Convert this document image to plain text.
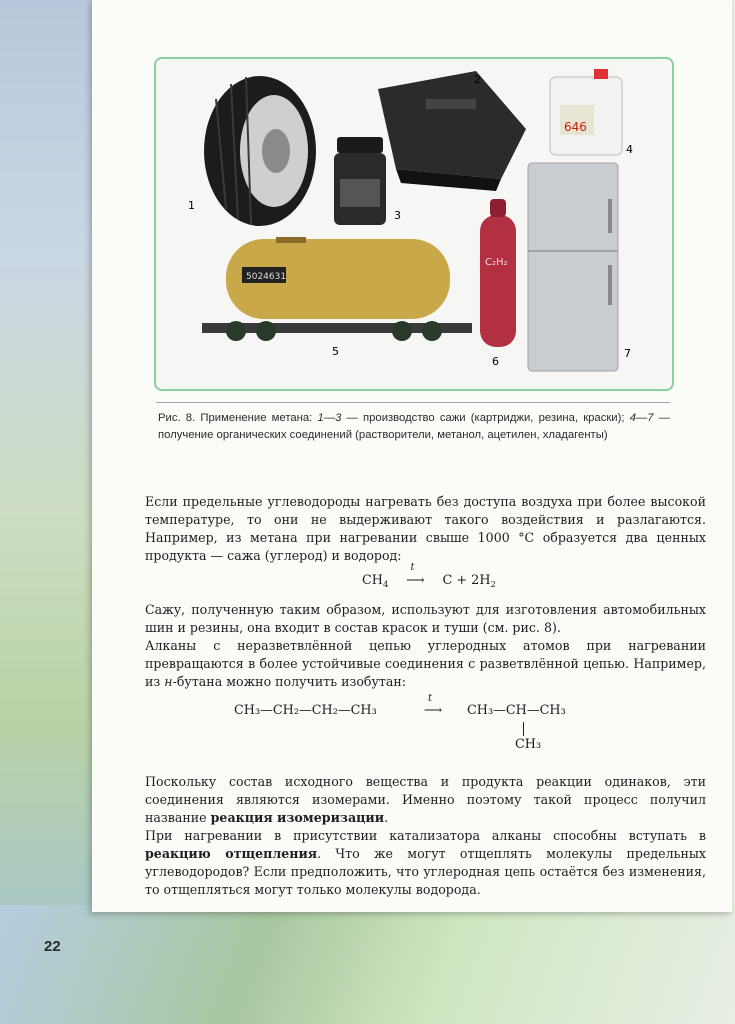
646
5024631
C₂H₂
1
2
3
4
5
6
7
Рис. 8. Применение метана: 1—3 — производство сажи (картриджи, резина, краски); 4—7 — получение органических соединений (растворители, метанол, ацетилен, хладагенты)
Если предельные углеводороды нагревать без доступа воздуха при более высокой температуре, то они не выдерживают такого воздействия и разлагаются. Например, из метана при нагревании свыше 1000 °С образуется два ценных продукта — сажа (углерод) и водород:
$CH_4$
t
⟶ $C + 2H_2$
Сажу, полученную таким образом, используют для изготовления автомобильных шин и резины, она входит в состав красок и туши (см. рис. 8).
Алканы с неразветвлённой цепью углеродных атомов при нагревании превращаются в более устойчивые соединения с разветвлённой цепью. Например, из н-бутана можно получить изобутан:
CH₃—CH₂—CH₂—CH₃
t
⟶	CH₃—CH—CH₃
CH₃
Поскольку состав исходного вещества и продукта реакции одинаков, эти соединения являются изомерами. Именно поэтому такой процесс получил название реакция изомеризации.
При нагревании в присутствии катализатора алканы способны вступать в реакцию отщепления. Что же могут отщеплять молекулы предельных углеводородов? Если предположить, что углеродная цепь остаётся без изменения, то отщепляться могут только молекулы водорода.
22
